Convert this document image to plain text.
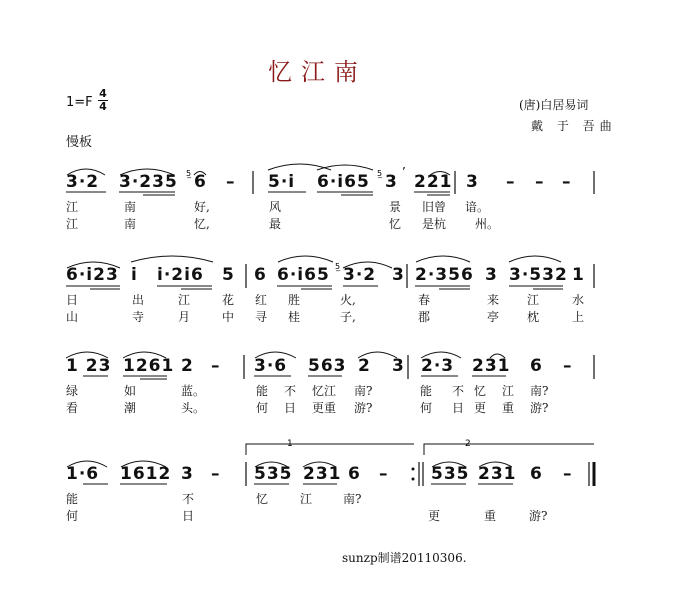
忆江南
1=F
4
4
慢板
(唐)白居易词
戴 于 吾曲
3·2 3·235 6 – 5·i 6·i65 3 221 3 – – –
江	南	好,	风	景 旧曾 谙。
江	南	忆,	最	忆 是杭 州。
6·i23 i i·2i6 5 6 6·i65 3·2 3 2·356 3 3·532 1
日	出	江	花 红 胜	火,	春	来 江	水
山	寺	月	中 寻 桂	子,	郡	亭 枕	上
1 23 1261 2 – 3·6 563 2 3 2·3 231 6 –
绿	如	蓝。	能 不 忆江 南?	能 不 忆 江 南?
看	潮	头。	何 日 更重 游?	何 日 更 重 游?
1·6 1612 3 – 535 231 6 –	535 231 6 –
能	不	忆	江	南?
何	日	更	重	游?
5̲	5̲ ’
5̲
1	2
sunzp制谱20110306.
